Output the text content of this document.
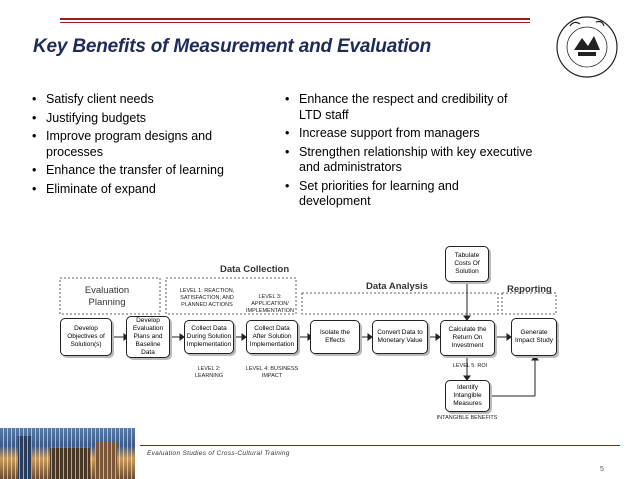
Key Benefits of Measurement and Evaluation
• Satisfy client needs
• Justifying budgets
• Improve program designs and processes
• Enhance the transfer of learning
• Eliminate of expand
• Enhance the respect and credibility of LTD staff
• Increase support from managers
• Strengthen relationship with key executive and administrators
• Set priorities for learning and development
Evaluation Planning
Data Collection
Data Analysis	Reporting
LEVEL 1: REACTION, SATISFACTION, AND PLANNED ACTIONS
LEVEL 3: APPLICATION/ IMPLEMENTATION
LEVEL 2: LEARNING
LEVEL 4: BUSINESS IMPACT
LEVEL 5: ROI
INTANGIBLE BENEFITS
Develop Objectives of Solution(s)
Develop Evaluation Plans and Baseline Data
Collect Data During Solution Implementation
Collect Data After Solution Implementation
Isolate the Effects
Convert Data to Monetary Value
Calculate the Return On Investment
Generate Impact Study
Tabulate Costs Of Solution
Identify Intangible Measures
Evaluation Studies of Cross-Cultural Training
5
